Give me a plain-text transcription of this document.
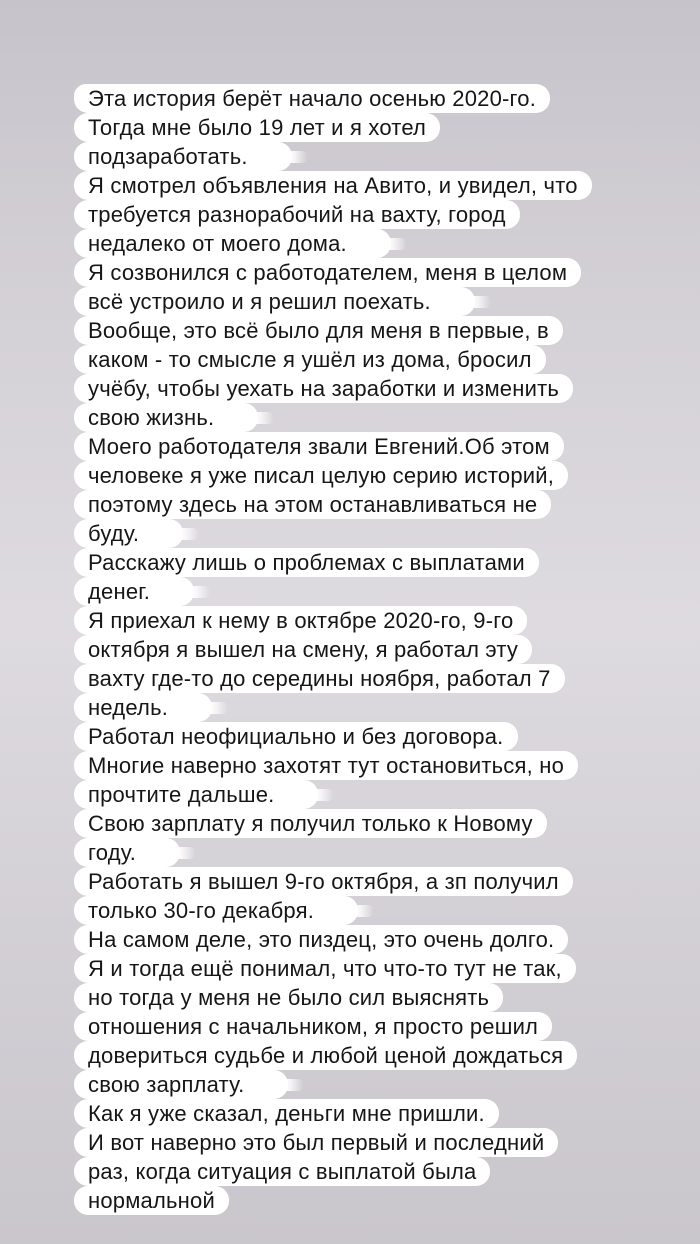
Эта история берёт начало осенью 2020-го.
Тогда мне было 19 лет и я хотел
подзаработать.
Я смотрел объявления на Авито, и увидел, что
требуется разнорабочий на вахту, город
недалеко от моего дома.
Я созвонился с работодателем, меня в целом
всё устроило и я решил поехать.
Вообще, это всё было для меня в первые, в
каком - то смысле я ушёл из дома, бросил
учёбу, чтобы уехать на заработки и изменить
свою жизнь.
Моего работодателя звали Евгений.Об этом
человеке я уже писал целую серию историй,
поэтому здесь на этом останавливаться не
буду.
Расскажу лишь о проблемах с выплатами
денег.
Я приехал к нему в октябре 2020-го, 9-го
октября я вышел на смену, я работал эту
вахту где-то до середины ноября, работал 7
недель.
Работал неофициально и без договора.
Многие наверно захотят тут остановиться, но
прочтите дальше.
Свою зарплату я получил только к Новому
году.
Работать я вышел 9-го октября, а зп получил
только 30-го декабря.
На самом деле, это пиздец, это очень долго.
Я и тогда ещё понимал, что что-то тут не так,
но тогда у меня не было сил выяснять
отношения с начальником, я просто решил
довериться судьбе и любой ценой дождаться
свою зарплату.
Как я уже сказал, деньги мне пришли.
И вот наверно это был первый и последний
раз, когда ситуация с выплатой была
нормальной
